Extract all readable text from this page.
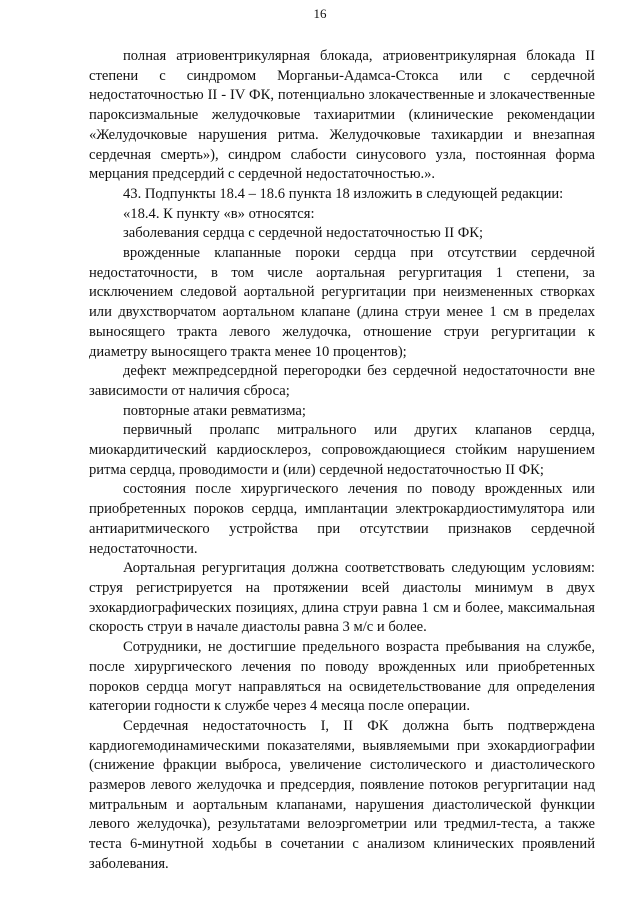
16

полная атриовентрикулярная блокада, атриовентрикулярная блокада II степени с синдромом Морганьи-Адамса-Стокса или с сердечной недостаточностью II - IV ФК, потенциально злокачественные и злокачественные пароксизмальные желудочковые тахиаритмии (клинические рекомендации «Желудочковые нарушения ритма. Желудочковые тахикардии и внезапная сердечная смерть»), синдром слабости синусового узла, постоянная форма мерцания предсердий с сердечной недостаточностью.».

43. Подпункты 18.4 – 18.6 пункта 18 изложить в следующей редакции:

«18.4. К пункту «в» относятся:

заболевания сердца с сердечной недостаточностью II ФК;

врожденные клапанные пороки сердца при отсутствии сердечной недостаточности, в том числе аортальная регургитация 1 степени, за исключением следовой аортальной регургитации при неизмененных створках или двухстворчатом аортальном клапане (длина струи менее 1 см в пределах выносящего тракта левого желудочка, отношение струи регургитации к диаметру выносящего тракта менее 10 процентов);

дефект межпредсердной перегородки без сердечной недостаточности вне зависимости от наличия сброса;

повторные атаки ревматизма;

первичный пролапс митрального или других клапанов сердца, миокардитический кардиосклероз, сопровождающиеся стойким нарушением ритма сердца, проводимости и (или) сердечной недостаточностью II ФК;

состояния после хирургического лечения по поводу врожденных или приобретенных пороков сердца, имплантации электрокардиостимулятора или антиаритмического устройства при отсутствии признаков сердечной недостаточности.

Аортальная регургитация должна соответствовать следующим условиям: струя регистрируется на протяжении всей диастолы минимум в двух эхокардиографических позициях, длина струи равна 1 см и более, максимальная скорость струи в начале диастолы равна 3 м/с и более.

Сотрудники, не достигшие предельного возраста пребывания на службе, после хирургического лечения по поводу врожденных или приобретенных пороков сердца могут направляться на освидетельствование для определения категории годности к службе через 4 месяца после операции.

Сердечная недостаточность I, II ФК должна быть подтверждена кардиогемодинамическими показателями, выявляемыми при эхокардиографии (снижение фракции выброса, увеличение систолического и диастолического размеров левого желудочка и предсердия, появление потоков регургитации над митральным и аортальным клапанами, нарушения диастолической функции левого желудочка), результатами велоэргометрии или тредмил-теста, а также теста 6-минутной ходьбы в сочетании с анализом клинических проявлений заболевания.
